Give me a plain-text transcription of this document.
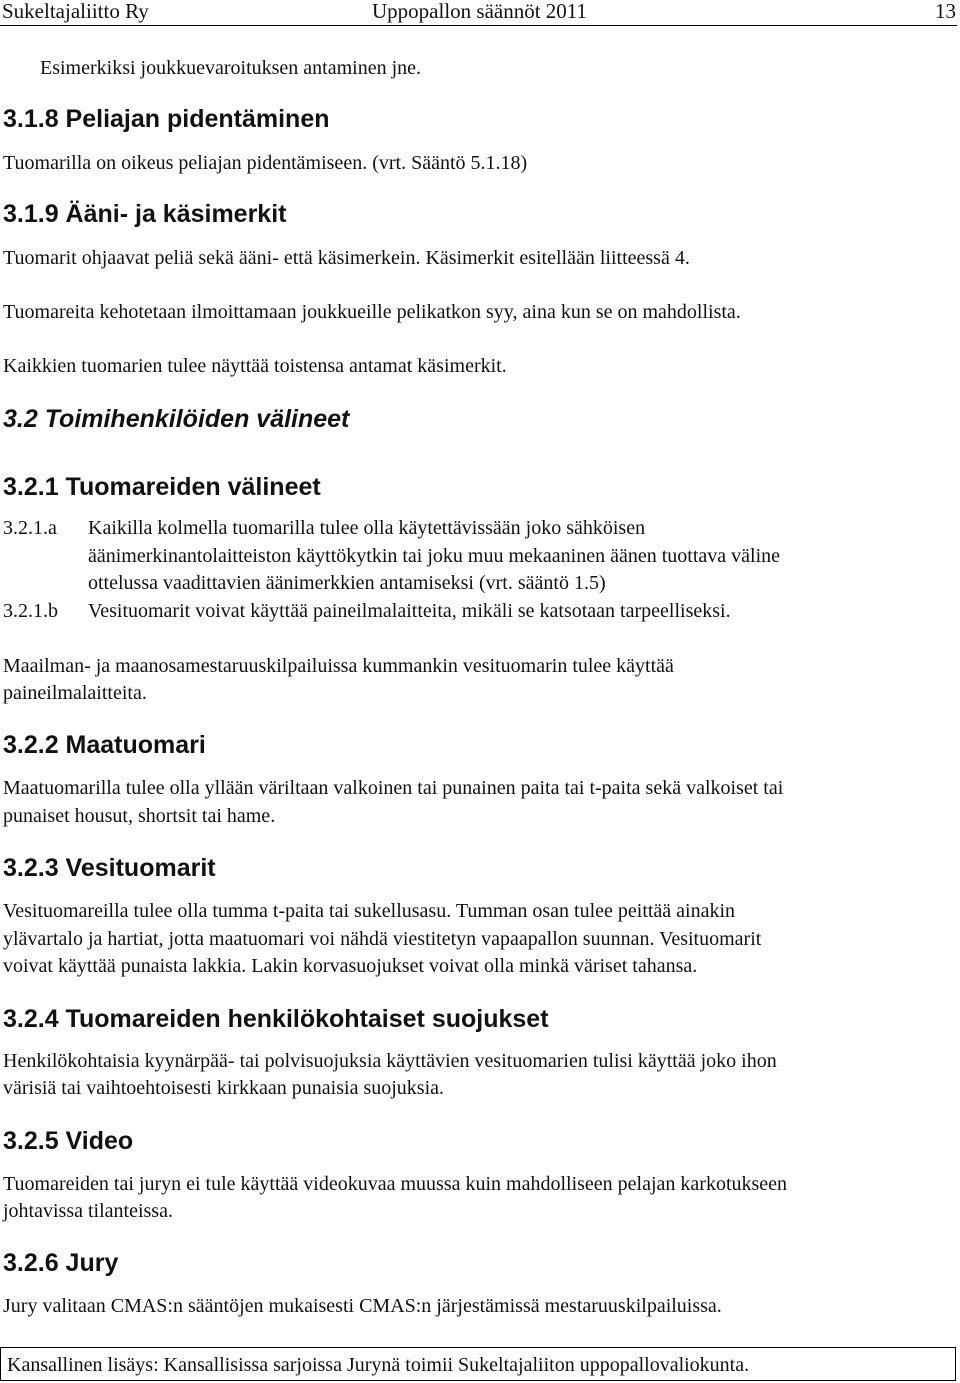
Sukeltajaliitto Ry	Uppopallon säännöt 2011	13
Esimerkiksi joukkuevaroituksen antaminen jne.
3.1.8 Peliajan pidentäminen
Tuomarilla on oikeus peliajan pidentämiseen. (vrt. Sääntö 5.1.18)
3.1.9 Ääni- ja käsimerkit
Tuomarit ohjaavat peliä sekä ääni- että käsimerkein. Käsimerkit esitellään liitteessä 4.
Tuomareita kehotetaan ilmoittamaan joukkueille pelikatkon syy, aina kun se on mahdollista.
Kaikkien tuomarien tulee näyttää toistensa antamat käsimerkit.
3.2 Toimihenkilöiden välineet
3.2.1 Tuomareiden välineet
3.2.1.a Kaikilla kolmella tuomarilla tulee olla käytettävissään joko sähköisen
äänimerkinantolaitteiston käyttökytkin tai joku muu mekaaninen äänen tuottava väline
ottelussa vaadittavien äänimerkkien antamiseksi (vrt. sääntö 1.5)
3.2.1.b Vesituomarit voivat käyttää paineilmalaitteita, mikäli se katsotaan tarpeelliseksi.
Maailman- ja maanosamestaruuskilpailuissa kummankin vesituomarin tulee käyttää
paineilmalaitteita.
3.2.2 Maatuomari
Maatuomarilla tulee olla yllään väriltaan valkoinen tai punainen paita tai t-paita sekä valkoiset tai
punaiset housut, shortsit tai hame.
3.2.3 Vesituomarit
Vesituomareilla tulee olla tumma t-paita tai sukellusasu. Tumman osan tulee peittää ainakin
ylävartalo ja hartiat, jotta maatuomari voi nähdä viestitetyn vapaapallon suunnan. Vesituomarit
voivat käyttää punaista lakkia. Lakin korvasuojukset voivat olla minkä väriset tahansa.
3.2.4 Tuomareiden henkilökohtaiset suojukset
Henkilökohtaisia kyynärpää- tai polvisuojuksia käyttävien vesituomarien tulisi käyttää joko ihon
värisiä tai vaihtoehtoisesti kirkkaan punaisia suojuksia.
3.2.5 Video
Tuomareiden tai juryn ei tule käyttää videokuvaa muussa kuin mahdolliseen pelajan karkotukseen
johtavissa tilanteissa.
3.2.6 Jury
Jury valitaan CMAS:n sääntöjen mukaisesti CMAS:n järjestämissä mestaruuskilpailuissa.
Kansallinen lisäys: Kansallisissa sarjoissa Jurynä toimii Sukeltajaliiton uppopallovaliokunta.
